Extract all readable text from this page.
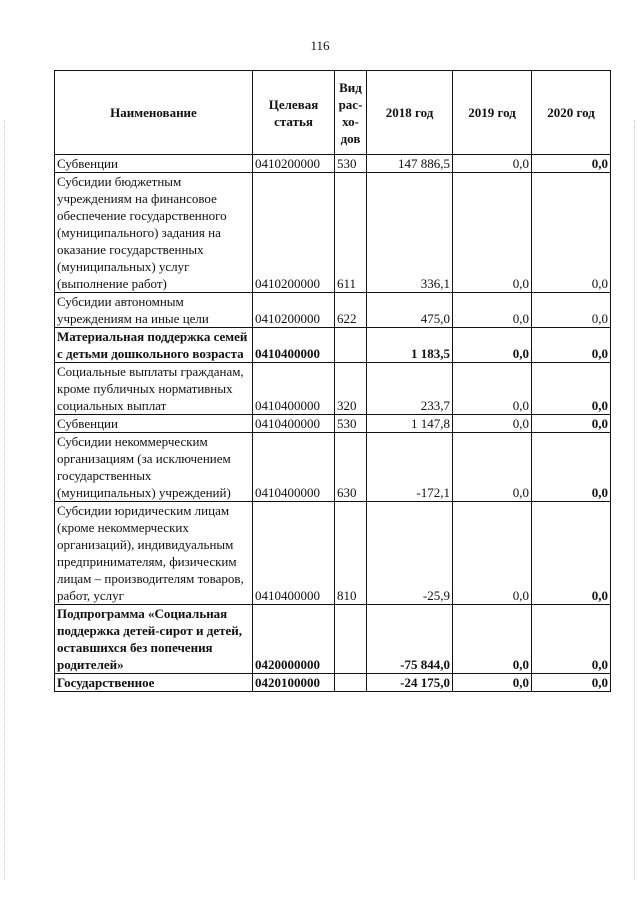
116
Наименование	Целевая статья	Вид рас-хо-дов	2018 год	2019 год	2020 год
Субвенции	0410200000	530	147 886,5	0,0	0,0
Субсидии бюджетным учреждениям на финансовое обеспечение государственного (муниципального) задания на оказание государственных (муниципальных) услуг (выполнение работ)	0410200000	611	336,1	0,0	0,0
Субсидии автономным учреждениям на иные цели	0410200000	622	475,0	0,0	0,0
Материальная поддержка семей с детьми дошкольного возраста	0410400000		1 183,5	0,0	0,0
Социальные выплаты гражданам, кроме публичных нормативных социальных выплат	0410400000	320	233,7	0,0	0,0
Субвенции	0410400000	530	1 147,8	0,0	0,0
Субсидии некоммерческим организациям (за исключением государственных (муниципальных) учреждений)	0410400000	630	-172,1	0,0	0,0
Субсидии юридическим лицам (кроме некоммерческих организаций), индивидуальным предпринимателям, физическим лицам – производителям товаров, работ, услуг	0410400000	810	-25,9	0,0	0,0
Подпрограмма «Социальная поддержка детей-сирот и детей, оставшихся без попечения родителей»	0420000000		-75 844,0	0,0	0,0
Государственное	0420100000		-24 175,0	0,0	0,0
